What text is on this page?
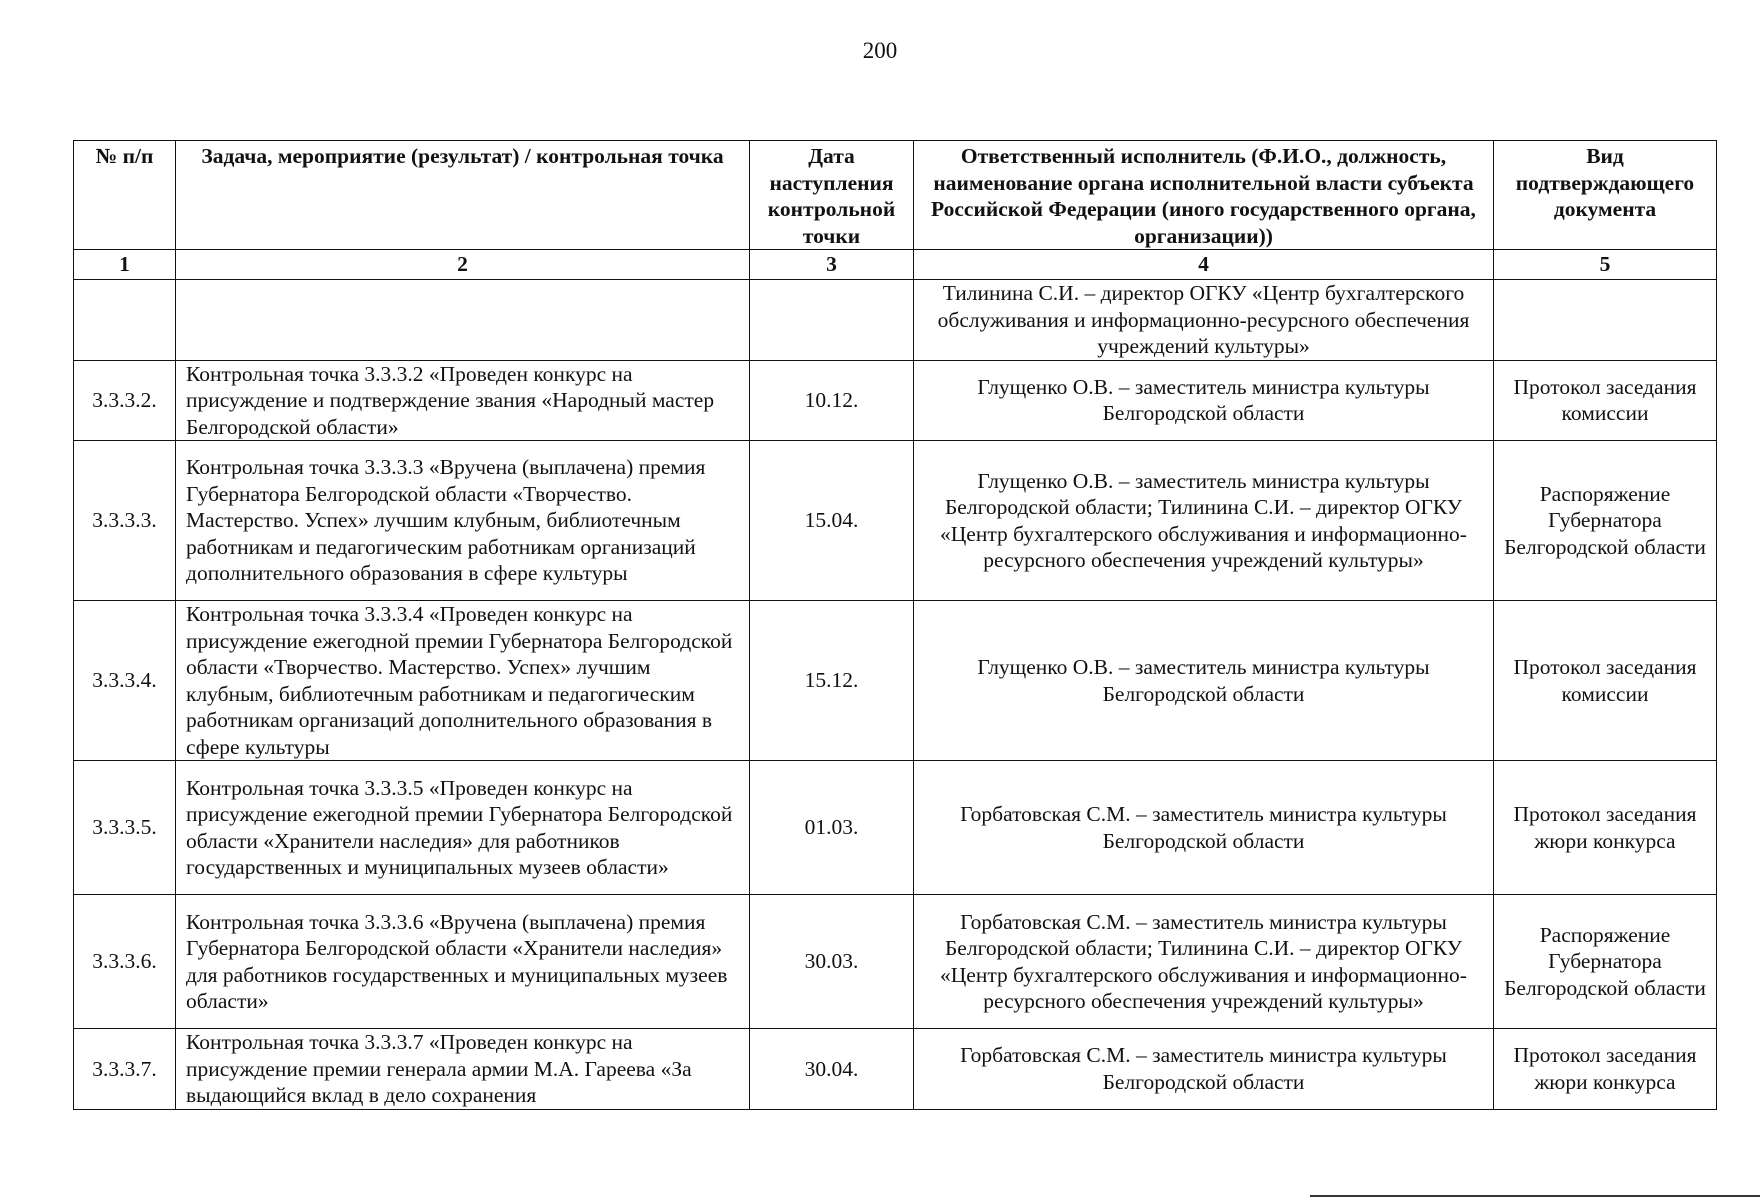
200
№ п/п	Задача, мероприятие (результат) / контрольная точка	Дата наступления контрольной точки	Ответственный исполнитель (Ф.И.О., должность, наименование органа исполнительной власти субъекта Российской Федерации (иного государственного органа, организации))	Вид подтверждающего документа
1	2	3	4	5
			Тилинина С.И. – директор ОГКУ «Центр бухгалтерского обслуживания и информационно-ресурсного обеспечения учреждений культуры»	
3.3.3.2.	Контрольная точка 3.3.3.2 «Проведен конкурс на присуждение и подтверждение звания «Народный мастер Белгородской области»	10.12.	Глущенко О.В. – заместитель министра культуры Белгородской области	Протокол заседания комиссии
3.3.3.3.	Контрольная точка 3.3.3.3 «Вручена (выплачена) премия Губернатора Белгородской области «Творчество. Мастерство. Успех» лучшим клубным, библиотечным работникам и педагогическим работникам организаций дополнительного образования в сфере культуры	15.04.	Глущенко О.В. – заместитель министра культуры Белгородской области; Тилинина С.И. – директор ОГКУ «Центр бухгалтерского обслуживания и информационно-ресурсного обеспечения учреждений культуры»	Распоряжение Губернатора Белгородской области
3.3.3.4.	Контрольная точка 3.3.3.4 «Проведен конкурс на присуждение ежегодной премии Губернатора Белгородской области «Творчество. Мастерство. Успех» лучшим клубным, библиотечным работникам и педагогическим работникам организаций дополнительного образования в сфере культуры	15.12.	Глущенко О.В. – заместитель министра культуры Белгородской области	Протокол заседания комиссии
3.3.3.5.	Контрольная точка 3.3.3.5 «Проведен конкурс на присуждение ежегодной премии Губернатора Белгородской области «Хранители наследия» для работников государственных и муниципальных музеев области»	01.03.	Горбатовская С.М. – заместитель министра культуры Белгородской области	Протокол заседания жюри конкурса
3.3.3.6.	Контрольная точка 3.3.3.6 «Вручена (выплачена) премия Губернатора Белгородской области «Хранители наследия» для работников государственных и муниципальных музеев области»	30.03.	Горбатовская С.М. – заместитель министра культуры Белгородской области; Тилинина С.И. – директор ОГКУ «Центр бухгалтерского обслуживания и информационно-ресурсного обеспечения учреждений культуры»	Распоряжение Губернатора Белгородской области
3.3.3.7.	Контрольная точка 3.3.3.7 «Проведен конкурс на присуждение премии генерала армии М.А. Гареева «За выдающийся вклад в дело сохранения	30.04.	Горбатовская С.М. – заместитель министра культуры Белгородской области	Протокол заседания жюри конкурса
